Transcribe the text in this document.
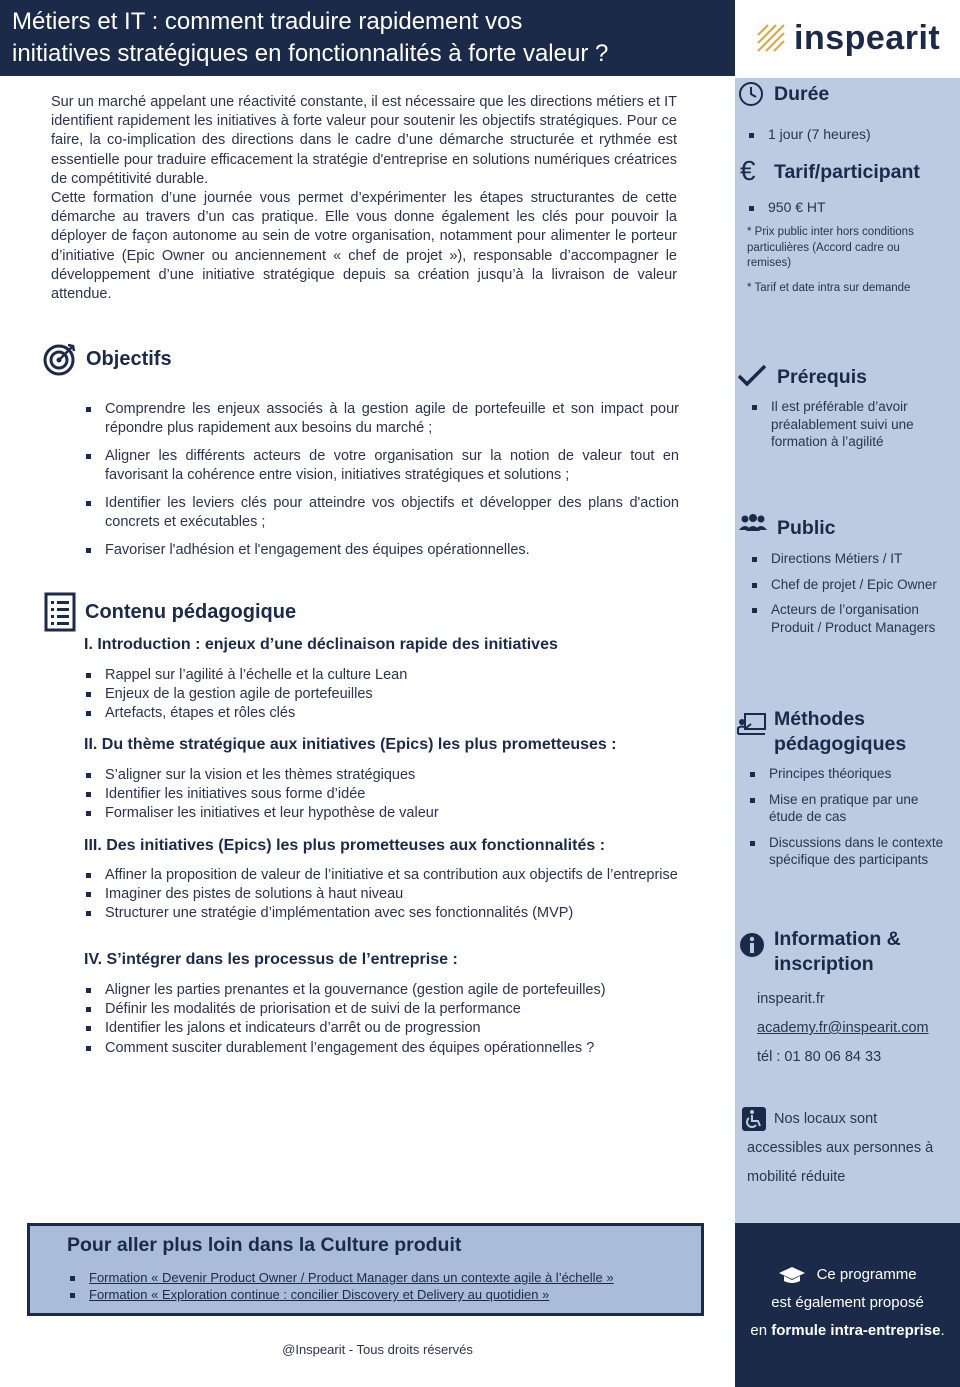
Métiers et IT : comment traduire rapidement vos
initiatives stratégiques en fonctionnalités à forte valeur ?	inspearit

Sur un marché appelant une réactivité constante, il est nécessaire que les directions métiers et IT identifient rapidement les initiatives à forte valeur pour soutenir les objectifs stratégiques. Pour ce faire, la co-implication des directions dans le cadre d’une démarche structurée et rythmée est essentielle pour traduire efficacement la stratégie d'entreprise en solutions numériques créatrices de compétitivité durable.

Cette formation d’une journée vous permet d’expérimenter les étapes structurantes de cette démarche au travers d’un cas pratique. Elle vous donne également les clés pour pouvoir la déployer de façon autonome au sein de votre organisation, notamment pour alimenter le porteur d’initiative (Epic Owner ou anciennement « chef de projet »), responsable d’accompagner le développement d’une initiative stratégique depuis sa création jusqu’à la livraison de valeur attendue.

Objectifs
Comprendre les enjeux associés à la gestion agile de portefeuille et son impact pour répondre plus rapidement aux besoins du marché ;
Aligner les différents acteurs de votre organisation sur la notion de valeur tout en favorisant la cohérence entre vision, initiatives stratégiques et solutions ;
Identifier les leviers clés pour atteindre vos objectifs et développer des plans d'action concrets et exécutables ;
Favoriser l'adhésion et l'engagement des équipes opérationnelles.
Contenu pédagogique
I. Introduction : enjeux d’une déclinaison rapide des initiatives
Rappel sur l’agilité à l’échelle et la culture Lean
Enjeux de la gestion agile de portefeuilles
Artefacts, étapes et rôles clés
II. Du thème stratégique aux initiatives (Epics) les plus prometteuses :
S’aligner sur la vision et les thèmes stratégiques
Identifier les initiatives sous forme d’idée
Formaliser les initiatives et leur hypothèse de valeur
III. Des initiatives (Epics) les plus prometteuses aux fonctionnalités :
Affiner la proposition de valeur de l’initiative et sa contribution aux objectifs de l’entreprise
Imaginer des pistes de solutions à haut niveau
Structurer une stratégie d’implémentation avec ses fonctionnalités (MVP)
IV. S’intégrer dans les processus de l’entreprise :
Aligner les parties prenantes et la gouvernance (gestion agile de portefeuilles)
Définir les modalités de priorisation et de suivi de la performance
Identifier les jalons et indicateurs d’arrêt ou de progression
Comment susciter durablement l’engagement des équipes opérationnelles ?
Durée
1 jour (7 heures)
€ Tarif/participant
950 € HT
* Prix public inter hors conditions particulières (Accord cadre ou remises)
* Tarif et date intra sur demande
Prérequis
Il est préférable d’avoir préalablement suivi une formation à l’agilité
Public
Directions Métiers / IT
Chef de projet / Epic Owner
Acteurs de l’organisation Produit / Product Managers
Méthodes
pédagogiques
Principes théoriques
Mise en pratique par une étude de cas
Discussions dans le contexte spécifique des participants
Information &
inscription
inspearit.fr
academy.fr@inspearit.com
tél : 01 80 06 84 33
Nos locaux sont
accessibles aux personnes à
mobilité réduite
Ce programme
est également proposé
en formule intra-entreprise.
Pour aller plus loin dans la Culture produit
Formation « Devenir Product Owner / Product Manager dans un contexte agile à l’échelle »
Formation « Exploration continue : concilier Discovery et Delivery au quotidien »
@Inspearit - Tous droits réservés
